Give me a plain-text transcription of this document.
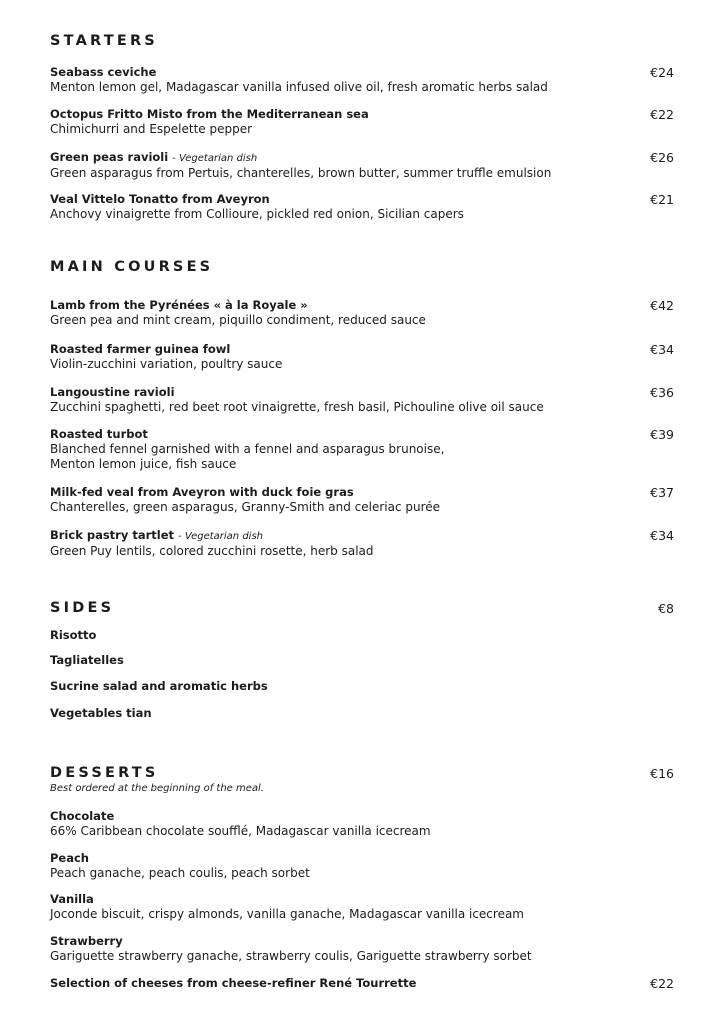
STARTERS
Seabass ceviche
Menton lemon gel, Madagascar vanilla infused olive oil, fresh aromatic herbs salad
€24
Octopus Fritto Misto from the Mediterranean sea
Chimichurri and Espelette pepper
€22
Green peas ravioli - Vegetarian dish
Green asparagus from Pertuis, chanterelles, brown butter, summer truffle emulsion
€26
Veal Vittelo Tonatto from Aveyron
Anchovy vinaigrette from Collioure, pickled red onion, Sicilian capers
€21
MAIN COURSES
Lamb from the Pyrénées « à la Royale »
Green pea and mint cream, piquillo condiment, reduced sauce
€42
Roasted farmer guinea fowl
Violin-zucchini variation, poultry sauce
€34
Langoustine ravioli
Zucchini spaghetti, red beet root vinaigrette, fresh basil, Pichouline olive oil sauce
€36
Roasted turbot
Blanched fennel garnished with a fennel and asparagus brunoise,
Menton lemon juice, fish sauce
€39
Milk-fed veal from Aveyron with duck foie gras
Chanterelles, green asparagus, Granny-Smith and celeriac purée
€37
Brick pastry tartlet - Vegetarian dish
Green Puy lentils, colored zucchini rosette, herb salad
€34
SIDES	€8
Risotto
Tagliatelles
Sucrine salad and aromatic herbs
Vegetables tian
DESSERTS	€16
Best ordered at the beginning of the meal.
Chocolate
66% Caribbean chocolate soufflé, Madagascar vanilla icecream
Peach
Peach ganache, peach coulis, peach sorbet
Vanilla
Joconde biscuit, crispy almonds, vanilla ganache, Madagascar vanilla icecream
Strawberry
Gariguette strawberry ganache, strawberry coulis, Gariguette strawberry sorbet
Selection of cheeses from cheese-refiner René Tourrette	€22
